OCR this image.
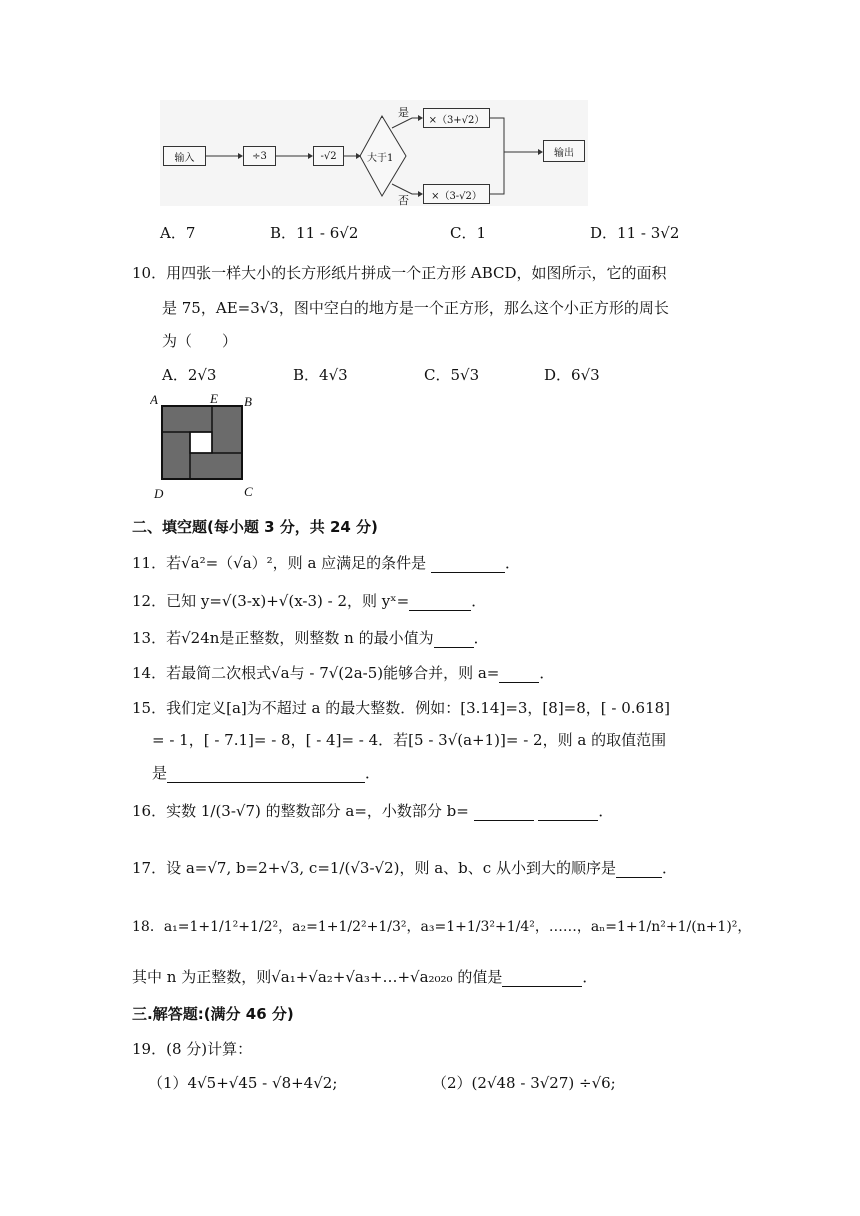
输入	÷3	-√2	大于1
是
否
×（3+√2）
×（3-√2）
输出
A．7	B．11 - 6√2	C．1	D．11 - 3√2
10．用四张一样大小的长方形纸片拼成一个正方形 ABCD，如图所示，它的面积
是 75，AE=3√3，图中空白的地方是一个正方形，那么这个小正方形的周长
为（　　）
A．2√3	B．4√3	C．5√3	D．6√3
A	E B
D	C
二、填空题(每小题 3 分，共 24 分)
11．若√a²=（√a）²，则 a 应满足的条件是	．
12．已知 y=√(3-x)+√(x-3) - 2，则 yˣ=	．
13．若√24n是正整数，则整数 n 的最小值为	．
14．若最简二次根式√a与 - 7√(2a-5)能够合并，则 a=	．
15．我们定义[a]为不超过 a 的最大整数．例如：[3.14]=3，[8]=8，[ - 0.618]
= - 1，[ - 7.1]= - 8，[ - 4]= - 4．若[5 - 3√(a+1)]= - 2，则 a 的取值范围
是	．
16．实数 1/(3-√7) 的整数部分 a=，小数部分 b=	．
17．设 a=√7, b=2+√3, c=1/(√3-√2)，则 a、b、c 从小到大的顺序是	．
18．a₁=1+1/1²+1/2²，a₂=1+1/2²+1/3²，a₃=1+1/3²+1/4²，……，aₙ=1+1/n²+1/(n+1)²，
其中 n 为正整数，则√a₁+√a₂+√a₃+…+√a₂₀₂₀ 的值是	．
三.解答题:(满分 46 分)
19．(8 分)计算：
（1）4√5+√45 - √8+4√2;	（2）(2√48 - 3√27) ÷√6;
